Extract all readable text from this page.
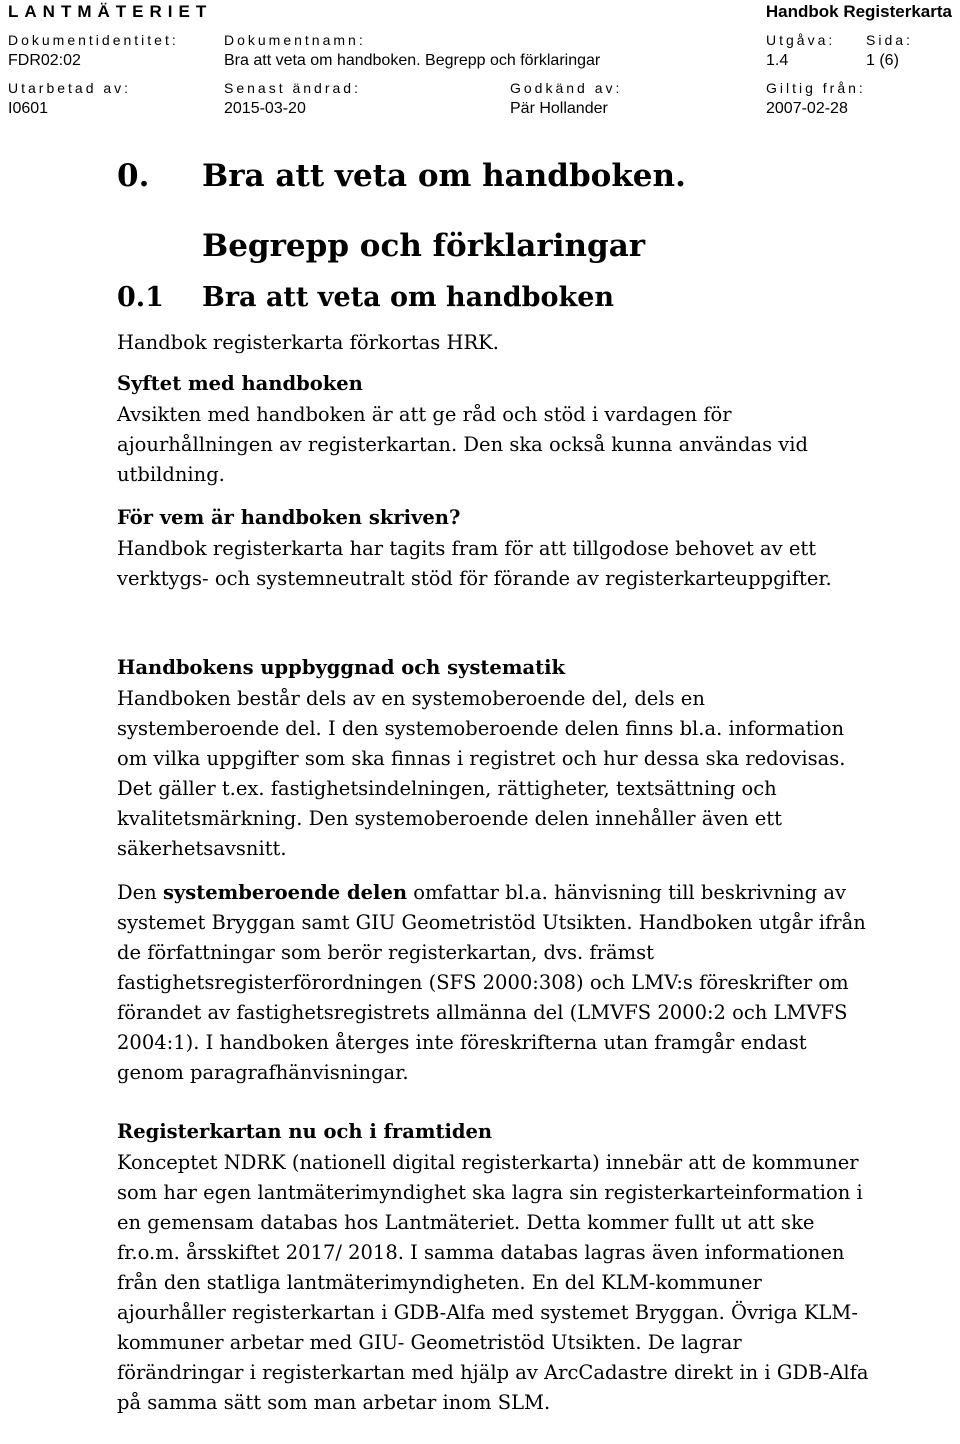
LANTMÄTERIET	Handbok Registerkarta
Dokumentidentitet:	Dokumentnamn:	Utgåva: Sida:
FDR02:02	Bra att veta om handboken. Begrepp och förklaringar	1.4	1 (6)
Utarbetad av:	Senast ändrad:	Godkänd av:	Giltig från:
I0601	2015-03-20	Pär Hollander	2007-02-28
0. Bra att veta om handboken.
Begrepp och förklaringar
0.1 Bra att veta om handboken

Handbok registerkarta förkortas HRK.

Syftet med handboken

Avsikten med handboken är att ge råd och stöd i vardagen för ajourhållningen av registerkartan. Den ska också kunna användas vid utbildning.

För vem är handboken skriven?

Handbok registerkarta har tagits fram för att tillgodose behovet av ett verktygs- och systemneutralt stöd för förande av registerkarteuppgifter.

Handbokens uppbyggnad och systematik

Handboken består dels av en systemoberoende del, dels en systemberoende del. I den systemoberoende delen finns bl.a. information om vilka uppgifter som ska finnas i registret och hur dessa ska redovisas. Det gäller t.ex. fastighetsindelningen, rättigheter, textsättning och kvalitetsmärkning. Den systemoberoende delen innehåller även ett säkerhetsavsnitt.

Den systemberoende delen omfattar bl.a. hänvisning till beskrivning av systemet Bryggan samt GIU Geometristöd Utsikten. Handboken utgår ifrån de författningar som berör registerkartan, dvs. främst fastighetsregisterförordningen (SFS 2000:308) och LMV:s föreskrifter om förandet av fastighetsregistrets allmänna del (LMVFS 2000:2 och LMVFS 2004:1). I handboken återges inte föreskrifterna utan framgår endast genom paragrafhänvisningar.

Registerkartan nu och i framtiden

Konceptet NDRK (nationell digital registerkarta) innebär att de kommuner som har egen lantmäterimyndighet ska lagra sin registerkarteinformation i en gemensam databas hos Lantmäteriet. Detta kommer fullt ut att ske fr.o.m. årsskiftet 2017/ 2018. I samma databas lagras även informationen från den statliga lantmäterimyndigheten. En del KLM-kommuner ajourhåller registerkartan i GDB-Alfa med systemet Bryggan. Övriga KLM-kommuner arbetar med GIU- Geometristöd Utsikten. De lagrar förändringar i registerkartan med hjälp av ArcCadastre direkt in i GDB-Alfa på samma sätt som man arbetar inom SLM.
